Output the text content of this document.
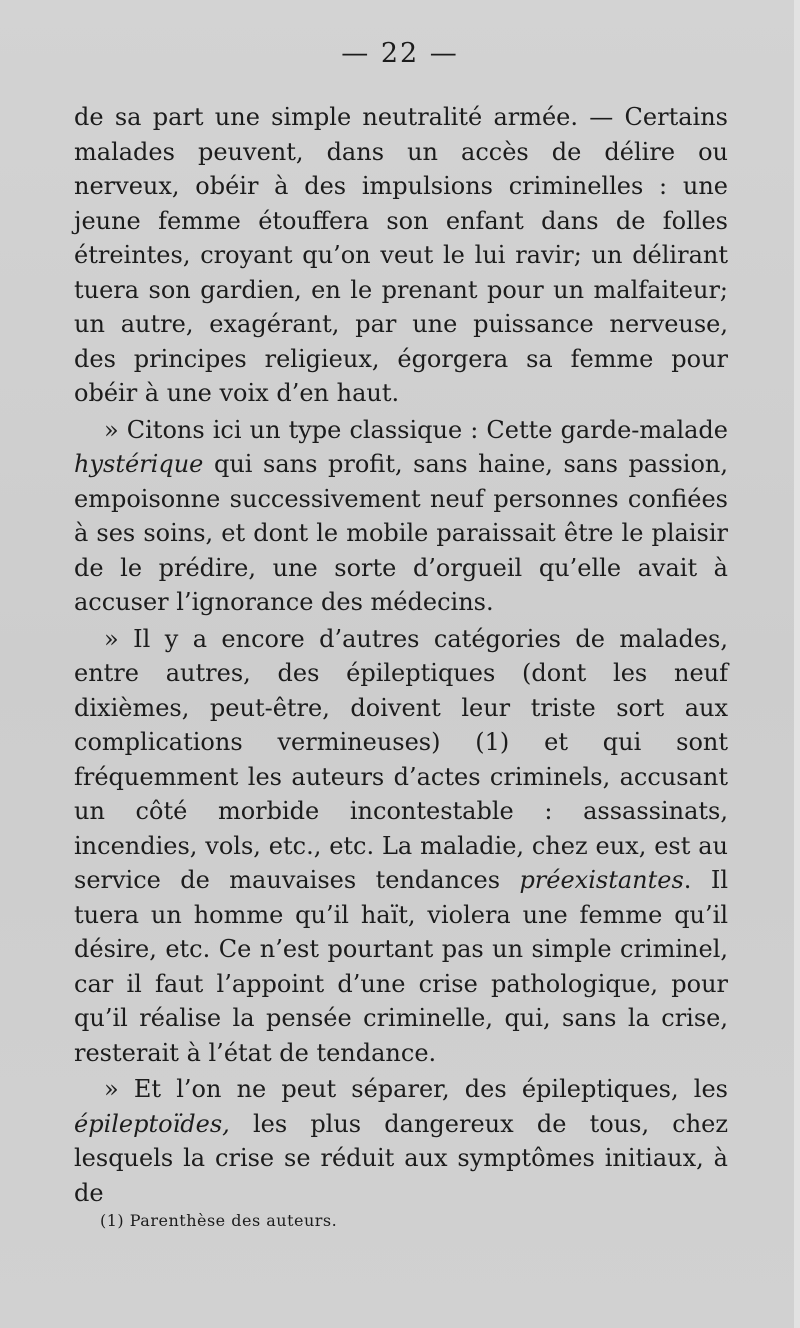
— 22 —

de sa part une simple neutralité armée. — Certains malades peuvent, dans un accès de délire ou nerveux, obéir à des impulsions criminelles : une jeune femme étouffera son enfant dans de folles étreintes, croyant qu’on veut le lui ravir; un délirant tuera son gardien, en le prenant pour un malfaiteur; un autre, exagérant, par une puissance nerveuse, des principes religieux, égorgera sa femme pour obéir à une voix d’en haut.

» Citons ici un type classique : Cette garde-malade hystérique qui sans profit, sans haine, sans passion, empoisonne successivement neuf personnes confiées à ses soins, et dont le mobile paraissait être le plaisir de le prédire, une sorte d’orgueil qu’elle avait à accuser l’ignorance des médecins.

» Il y a encore d’autres catégories de malades, entre autres, des épileptiques (dont les neuf dixièmes, peut-être, doivent leur triste sort aux complications vermineuses) (1) et qui sont fréquemment les auteurs d’actes criminels, accusant un côté morbide incontestable : assassinats, incendies, vols, etc., etc. La maladie, chez eux, est au service de mauvaises tendances préexistantes. Il tuera un homme qu’il haït, violera une femme qu’il désire, etc. Ce n’est pourtant pas un simple criminel, car il faut l’appoint d’une crise pathologique, pour qu’il réalise la pensée criminelle, qui, sans la crise, resterait à l’état de tendance.

» Et l’on ne peut séparer, des épileptiques, les épileptoïdes, les plus dangereux de tous, chez lesquels la crise se réduit aux symptômes initiaux, à de

(1) Parenthèse des auteurs.
